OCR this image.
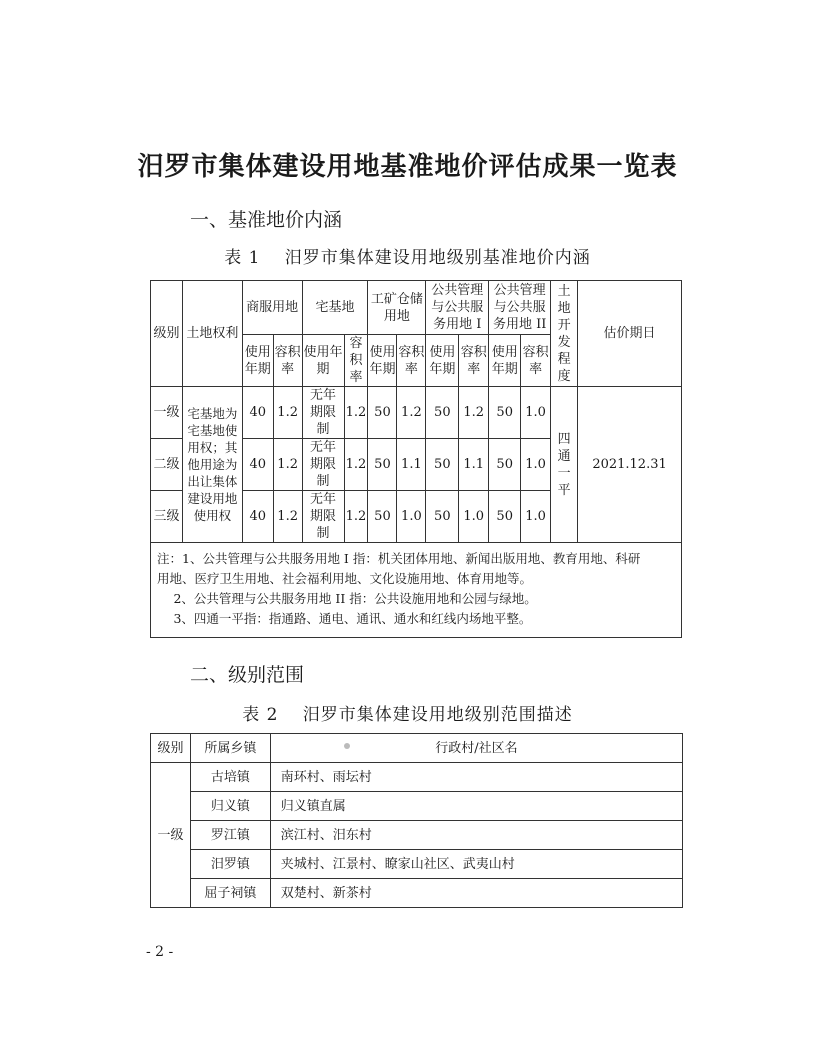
汨罗市集体建设用地基准地价评估成果一览表
一、基准地价内涵
表 1　 汨罗市集体建设用地级别基准地价内涵
级别	土地权利	商服用地		宅基地		工矿仓储用地		公共管理与公共服务用地 I		公共管理与公共服务用地 II		土地开发程度	估价期日
		使用年期	容积率	使用年期	容积率	使用年期	容积率	使用年期	容积率	使用年期	容积率		
一级	宅基地为宅基地使用权；其他用途为出让集体建设用地使用权	40	1.2	无年期限制	1.2	50	1.2	50	1.2	50	1.0	四通一平	2021.12.31
二级		40	1.2	无年期限制	1.2	50	1.1	50	1.1	50	1.0		
三级		40	1.2	无年期限制	1.2	50	1.0	50	1.0	50	1.0		

注：1、公共管理与公共服务用地 I 指：机关团体用地、新闻出版用地、教育用地、科研
用地、医疗卫生用地、社会福利用地、文化设施用地、体育用地等。
　 2、公共管理与公共服务用地 II 指：公共设施用地和公园与绿地。
　 3、四通一平指：指通路、通电、通讯、通水和红线内场地平整。													
二、级别范围
表 2　 汨罗市集体建设用地级别范围描述
级别	所属乡镇	行政村/社区名
一级	古培镇	南环村、雨坛村
	归义镇	归义镇直属
	罗江镇	滨江村、汨东村
	汨罗镇	夹城村、江景村、瞭家山社区、武夷山村
	屈子祠镇	双楚村、新茶村
- 2 -
